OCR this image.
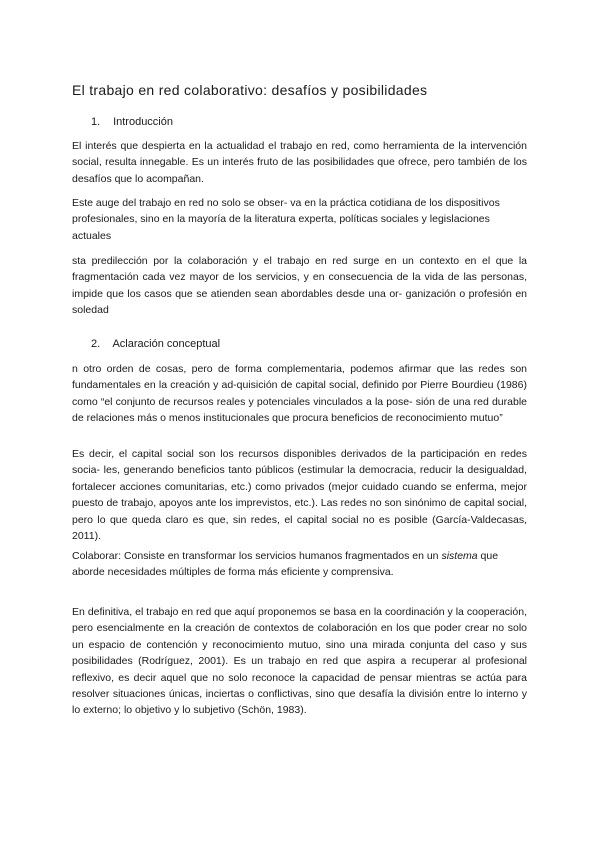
El trabajo en red colaborativo: desafíos y posibilidades
1. Introducción

El interés que despierta en la actualidad el trabajo en red, como herramienta de la intervención social, resulta innegable. Es un interés fruto de las posibilidades que ofrece, pero también de los desafíos que lo acompañan.

Este auge del trabajo en red no solo se obser- va en la práctica cotidiana de los dispositivos profesionales, sino en la mayoría de la literatura experta, políticas sociales y legislaciones actuales

sta predilección por la colaboración y el trabajo en red surge en un contexto en el que la fragmentación cada vez mayor de los servicios, y en consecuencia de la vida de las personas, impide que los casos que se atienden sean abordables desde una or- ganización o profesión en soledad

2. Aclaración conceptual

n otro orden de cosas, pero de forma complementaria, podemos afirmar que las redes son fundamentales en la creación y ad-quisición de capital social, definido por Pierre Bourdieu (1986) como “el conjunto de recursos reales y potenciales vinculados a la pose- sión de una red durable de relaciones más o menos institucionales que procura beneficios de reconocimiento mutuo”

Es decir, el capital social son los recursos disponibles derivados de la participación en redes socia- les, generando beneficios tanto públicos (estimular la democracia, reducir la desigualdad, fortalecer acciones comunitarias, etc.) como privados (mejor cuidado cuando se enferma, mejor puesto de trabajo, apoyos ante los imprevistos, etc.). Las redes no son sinónimo de capital social, pero lo que queda claro es que, sin redes, el capital social no es posible (García-Valdecasas, 2011).

Colaborar: Consiste en transformar los servicios humanos fragmentados en un sistema que aborde necesidades múltiples de forma más eficiente y comprensiva.

En definitiva, el trabajo en red que aquí proponemos se basa en la coordinación y la cooperación, pero esencialmente en la creación de contextos de colaboración en los que poder crear no solo un espacio de contención y reconocimiento mutuo, sino una mirada conjunta del caso y sus posibilidades (Rodríguez, 2001). Es un trabajo en red que aspira a recuperar al profesional reflexivo, es decir aquel que no solo reconoce la capacidad de pensar mientras se actúa para resolver situaciones únicas, inciertas o conflictivas, sino que desafía la división entre lo interno y lo externo; lo objetivo y lo subjetivo (Schön, 1983).
